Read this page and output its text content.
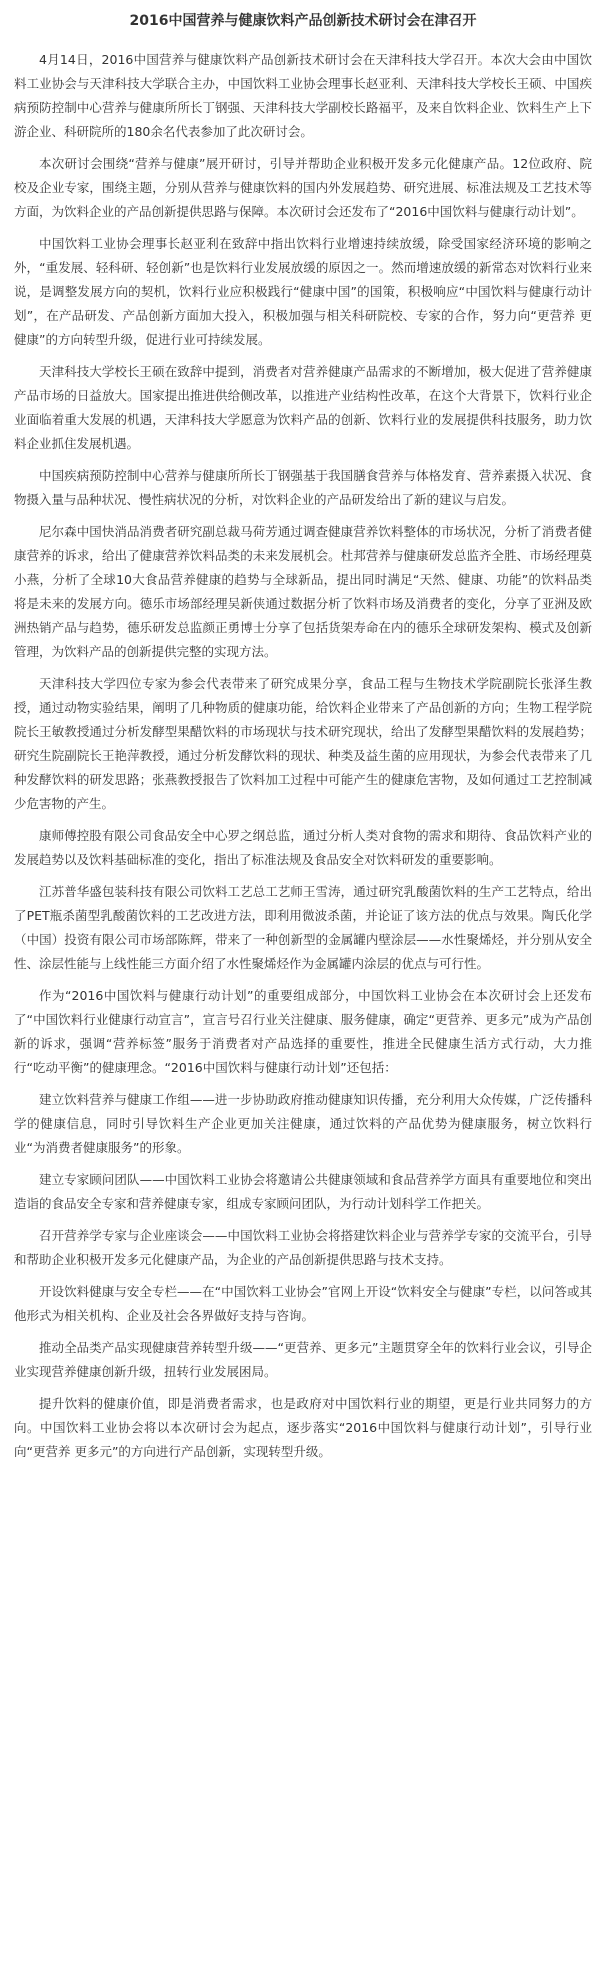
2016中国营养与健康饮料产品创新技术研讨会在津召开

4月14日，2016中国营养与健康饮料产品创新技术研讨会在天津科技大学召开。本次大会由中国饮料工业协会与天津科技大学联合主办，中国饮料工业协会理事长赵亚利、天津科技大学校长王硕、中国疾病预防控制中心营养与健康所所长丁钢强、天津科技大学副校长路福平，及来自饮料企业、饮料生产上下游企业、科研院所的180余名代表参加了此次研讨会。

本次研讨会围绕“营养与健康”展开研讨，引导并帮助企业积极开发多元化健康产品。12位政府、院校及企业专家，围绕主题，分别从营养与健康饮料的国内外发展趋势、研究进展、标准法规及工艺技术等方面，为饮料企业的产品创新提供思路与保障。本次研讨会还发布了“2016中国饮料与健康行动计划”。

中国饮料工业协会理事长赵亚利在致辞中指出饮料行业增速持续放缓，除受国家经济环境的影响之外，“重发展、轻科研、轻创新”也是饮料行业发展放缓的原因之一。然而增速放缓的新常态对饮料行业来说，是调整发展方向的契机，饮料行业应积极践行“健康中国”的国策，积极响应“中国饮料与健康行动计划”，在产品研发、产品创新方面加大投入，积极加强与相关科研院校、专家的合作，努力向“更营养 更健康”的方向转型升级，促进行业可持续发展。

天津科技大学校长王硕在致辞中提到，消费者对营养健康产品需求的不断增加，极大促进了营养健康产品市场的日益放大。国家提出推进供给侧改革，以推进产业结构性改革，在这个大背景下，饮料行业企业面临着重大发展的机遇，天津科技大学愿意为饮料产品的创新、饮料行业的发展提供科技服务，助力饮料企业抓住发展机遇。

中国疾病预防控制中心营养与健康所所长丁钢强基于我国膳食营养与体格发育、营养素摄入状况、食物摄入量与品种状况、慢性病状况的分析，对饮料企业的产品研发给出了新的建议与启发。

尼尔森中国快消品消费者研究副总裁马荷芳通过调查健康营养饮料整体的市场状况，分析了消费者健康营养的诉求，给出了健康营养饮料品类的未来发展机会。杜邦营养与健康研发总监齐全胜、市场经理莫小燕，分析了全球10大食品营养健康的趋势与全球新品，提出同时满足“天然、健康、功能”的饮料品类将是未来的发展方向。德乐市场部经理吴新侠通过数据分析了饮料市场及消费者的变化，分享了亚洲及欧洲热销产品与趋势，德乐研发总监颜正勇博士分享了包括货架寿命在内的德乐全球研发架构、模式及创新管理，为饮料产品的创新提供完整的实现方法。

天津科技大学四位专家为参会代表带来了研究成果分享，食品工程与生物技术学院副院长张泽生教授，通过动物实验结果，阐明了几种物质的健康功能，给饮料企业带来了产品创新的方向；生物工程学院院长王敏教授通过分析发酵型果醋饮料的市场现状与技术研究现状，给出了发酵型果醋饮料的发展趋势；研究生院副院长王艳萍教授，通过分析发酵饮料的现状、种类及益生菌的应用现状，为参会代表带来了几种发酵饮料的研发思路；张燕教授报告了饮料加工过程中可能产生的健康危害物，及如何通过工艺控制减少危害物的产生。

康师傅控股有限公司食品安全中心罗之纲总监，通过分析人类对食物的需求和期待、食品饮料产业的发展趋势以及饮料基础标准的变化，指出了标准法规及食品安全对饮料研发的重要影响。

江苏普华盛包装科技有限公司饮料工艺总工艺师王雪涛，通过研究乳酸菌饮料的生产工艺特点，给出了PET瓶杀菌型乳酸菌饮料的工艺改进方法，即利用微波杀菌，并论证了该方法的优点与效果。陶氏化学（中国）投资有限公司市场部陈辉，带来了一种创新型的金属罐内壁涂层——水性聚烯烃，并分别从安全性、涂层性能与上线性能三方面介绍了水性聚烯烃作为金属罐内涂层的优点与可行性。

作为“2016中国饮料与健康行动计划”的重要组成部分，中国饮料工业协会在本次研讨会上还发布了“中国饮料行业健康行动宣言”，宣言号召行业关注健康、服务健康，确定“更营养、更多元”成为产品创新的诉求，强调“营养标签”服务于消费者对产品选择的重要性，推进全民健康生活方式行动，大力推行“吃动平衡”的健康理念。“2016中国饮料与健康行动计划”还包括：

建立饮料营养与健康工作组——进一步协助政府推动健康知识传播，充分利用大众传媒，广泛传播科学的健康信息，同时引导饮料生产企业更加关注健康，通过饮料的产品优势为健康服务，树立饮料行业“为消费者健康服务”的形象。

建立专家顾问团队——中国饮料工业协会将邀请公共健康领域和食品营养学方面具有重要地位和突出造诣的食品安全专家和营养健康专家，组成专家顾问团队，为行动计划科学工作把关。

召开营养学专家与企业座谈会——中国饮料工业协会将搭建饮料企业与营养学专家的交流平台，引导和帮助企业积极开发多元化健康产品，为企业的产品创新提供思路与技术支持。

开设饮料健康与安全专栏——在“中国饮料工业协会”官网上开设“饮料安全与健康”专栏，以问答或其他形式为相关机构、企业及社会各界做好支持与咨询。

推动全品类产品实现健康营养转型升级——“更营养、更多元”主题贯穿全年的饮料行业会议，引导企业实现营养健康创新升级，扭转行业发展困局。

提升饮料的健康价值，即是消费者需求，也是政府对中国饮料行业的期望，更是行业共同努力的方向。中国饮料工业协会将以本次研讨会为起点，逐步落实“2016中国饮料与健康行动计划”，引导行业向“更营养 更多元”的方向进行产品创新，实现转型升级。
